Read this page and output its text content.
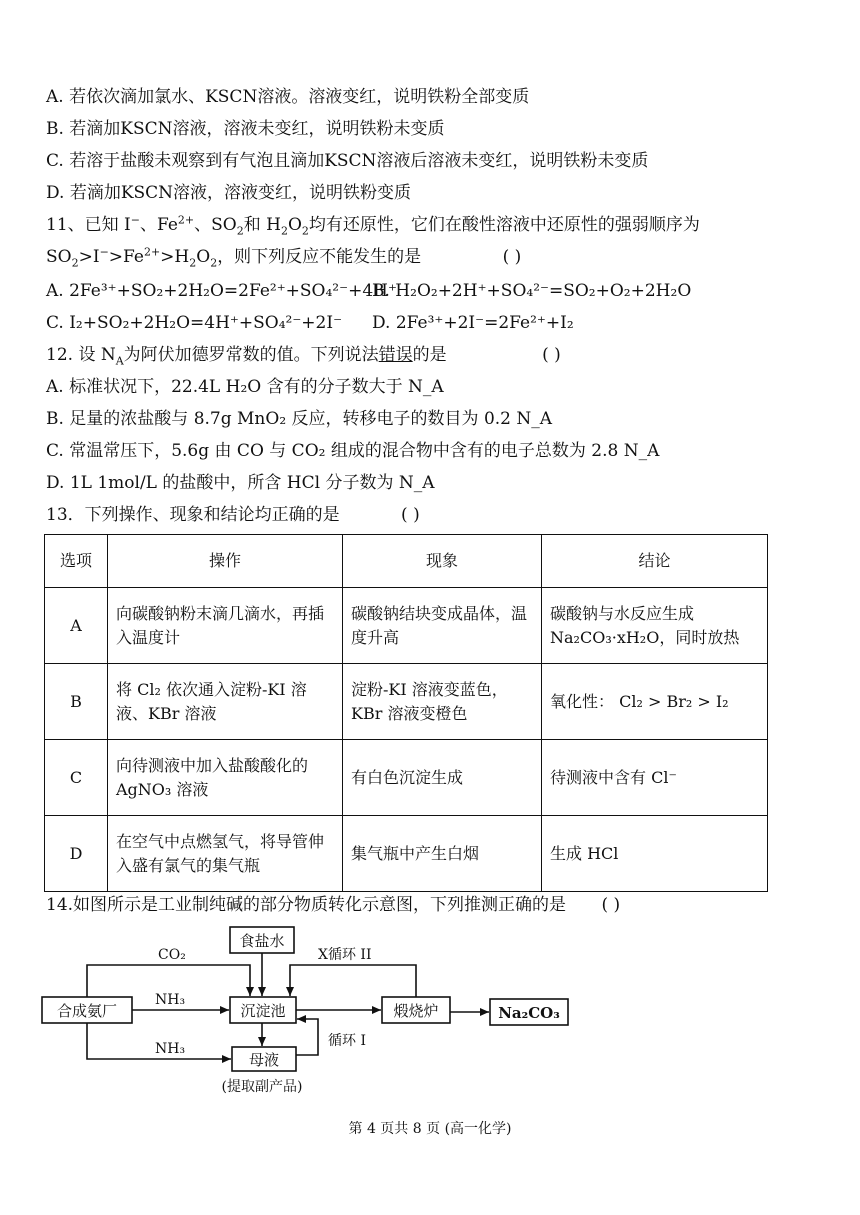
A. 若依次滴加氯水、KSCN溶液。溶液变红，说明铁粉全部变质
B. 若滴加KSCN溶液，溶液未变红，说明铁粉未变质
C. 若溶于盐酸未观察到有气泡且滴加KSCN溶液后溶液未变红，说明铁粉未变质
D. 若滴加KSCN溶液，溶液变红，说明铁粉变质
11、已知 I−、$Fe^{2+}$、$SO_2$和 $H_2O_2$均有还原性，它们在酸性溶液中还原性的强弱顺序为
$SO_2>I^->Fe^{2+}>H_2O_2$，则下列反应不能发生的是	( )
A. 2Fe³⁺+SO₂+2H₂O=2Fe²⁺+SO₄²⁻+4H⁺
B. H₂O₂+2H⁺+SO₄²⁻=SO₂+O₂+2H₂O
C. I₂+SO₂+2H₂O=4H⁺+SO₄²⁻+2I⁻ D. 2Fe³⁺+2I⁻=2Fe²⁺+I₂
12. 设 $N_A$为阿伏加德罗常数的值。下列说法错误的是	( )
A. 标准状况下，22.4L H₂O 含有的分子数大于 N_A
B. 足量的浓盐酸与 8.7g MnO₂ 反应，转移电子的数目为 0.2 N_A
C. 常温常压下，5.6g 由 CO 与 CO₂ 组成的混合物中含有的电子总数为 2.8 N_A
D. 1L 1mol/L 的盐酸中，所含 HCl 分子数为 N_A
13．下列操作、现象和结论均正确的是	( )
选项	操作	现象	结论
A	向碳酸钠粉末滴几滴水，再插入温度计	碳酸钠结块变成晶体，温度升高	碳酸钠与水反应生成 Na₂CO₃·xH₂O，同时放热
B	将 Cl₂ 依次通入淀粉-KI 溶液、KBr 溶液	淀粉-KI 溶液变蓝色，KBr 溶液变橙色	氧化性： Cl₂ > Br₂ > I₂
C	向待测液中加入盐酸酸化的 AgNO₃ 溶液	有白色沉淀生成	待测液中含有 Cl⁻
D	在空气中点燃氢气，将导管伸入盛有氯气的集气瓶	集气瓶中产生白烟	生成 HCl
14.如图所示是工业制纯碱的部分物质转化示意图，下列推测正确的是 ( )
食盐水
合成氨厂	沉淀池	煅烧炉	Na₂CO₃
母液
(提取副产品)
CO₂
NH₃
NH₃
X循环 II
循环 I
第 4 页共 8 页 (高一化学)
